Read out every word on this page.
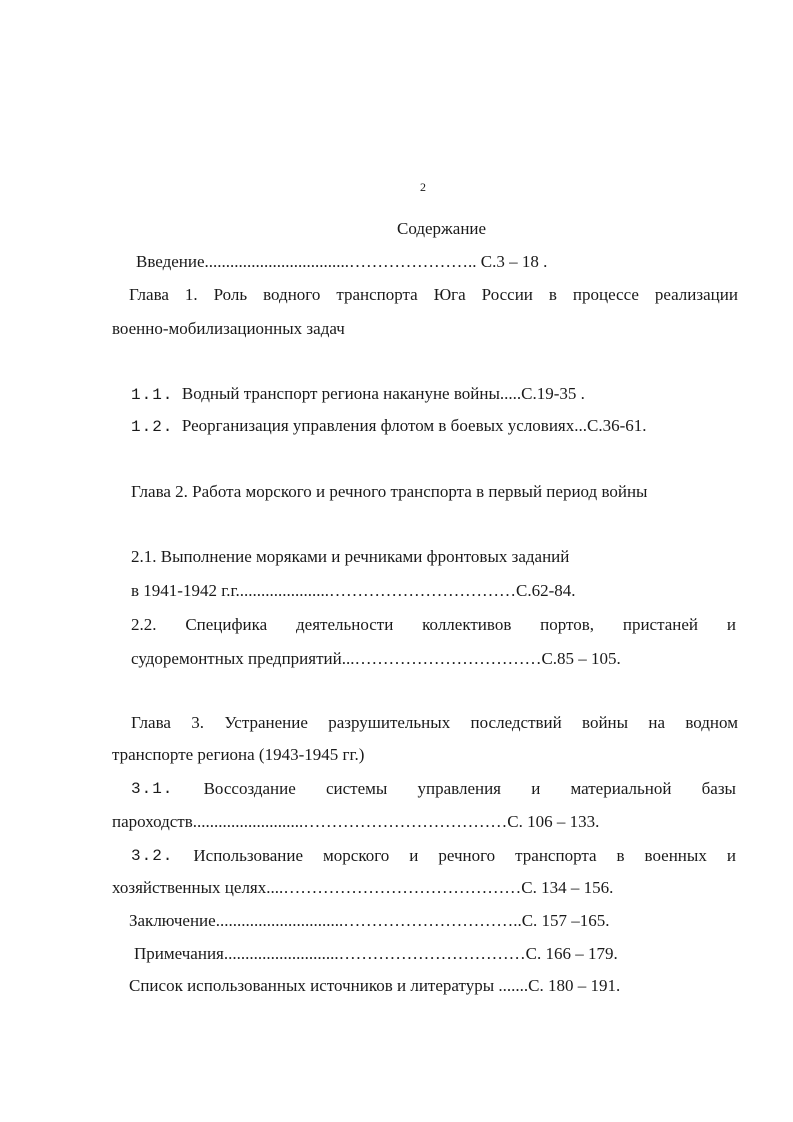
2
Содержание
Введение..................................………………….. С.3 – 18 .
Глава 1. Роль водного транспорта Юга России в процессе реализации
военно-мобилизационных задач
1.1. Водный транспорт региона накануне войны.....С.19-35 .
1.2. Реорганизация управления флотом в боевых условиях...С.36-61.
Глава 2. Работа морского и речного транспорта в первый период войны
2.1. Выполнение моряками и речниками фронтовых заданий
в 1941-1942 г.г......................……………………………С.62-84.
2.2. Специфика деятельности коллективов портов, пристаней и
судоремонтных предприятий...……………………………С.85 – 105.
Глава 3. Устранение разрушительных последствий войны на водном
транспорте региона (1943-1945 гг.)
3.1. Воссоздание системы управления и материальной базы
пароходств..........................………………………………С. 106 – 133.
3.2. Использование морского и речного транспорта в военных и
хозяйственных целях....……………………………………С. 134 – 156.
Заключение..............................…………………………..С. 157 –165.
Примечания...........................……………………………С. 166 – 179.
Список использованных источников и литературы .......С. 180 – 191.
